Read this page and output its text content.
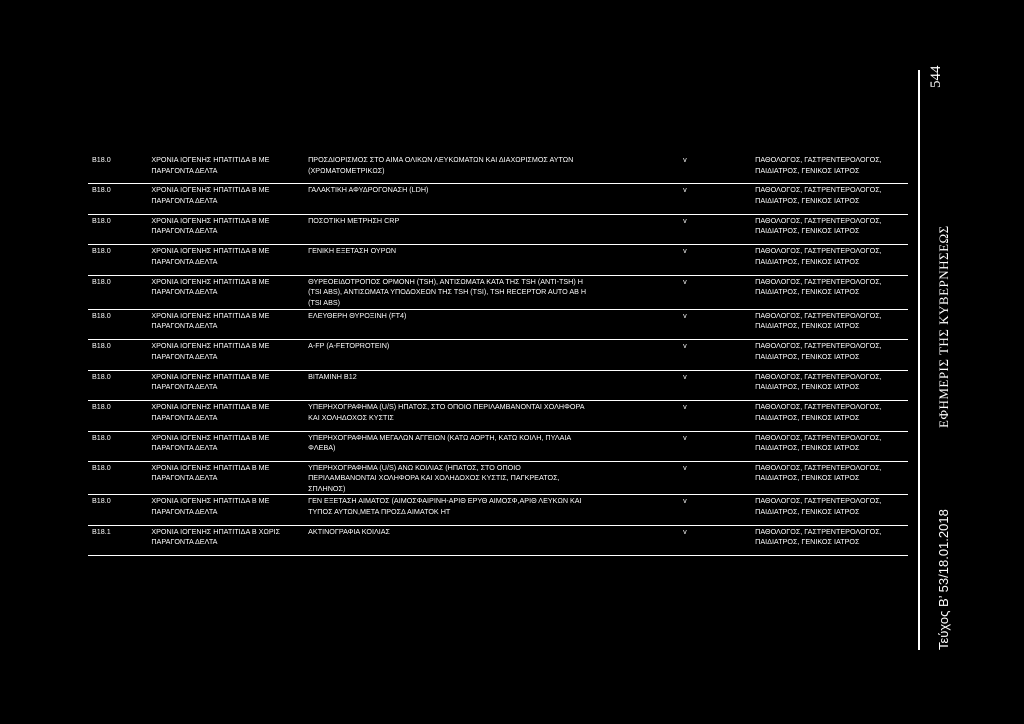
544
ΕΦΗΜΕΡΙΣ ΤΗΣ ΚΥΒΕΡΝΗΣΕΩΣ
Τεύχος Β’ 53/18.01.2018
Β18.0	ΧΡΟΝΙΑ ΙΟΓΕΝΗΣ ΗΠΑΤΙΤΙΔΑ Β ΜΕ ΠΑΡΑΓΟΝΤΑ ΔΕΛΤΑ	ΠΡΟΣΔΙΟΡΙΣΜΟΣ ΣΤΟ ΑΙΜΑ ΟΛΙΚΩΝ ΛΕΥΚΩΜΑΤΩΝ ΚΑΙ ΔΙΑΧΩΡΙΣΜΟΣ ΑΥΤΩΝ (ΧΡΩΜΑΤΟΜΕΤΡΙΚΩΣ)		v	ΠΑΘΟΛΟΓΟΣ, ΓΑΣΤΡΕΝΤΕΡΟΛΟΓΟΣ, ΠΑΙΔΙΑΤΡΟΣ, ΓΕΝΙΚΟΣ ΙΑΤΡΟΣ
Β18.0	ΧΡΟΝΙΑ ΙΟΓΕΝΗΣ ΗΠΑΤΙΤΙΔΑ Β ΜΕ ΠΑΡΑΓΟΝΤΑ ΔΕΛΤΑ	ΓΑΛΑΚΤΙΚΗ ΑΦΥΔΡΟΓΟΝΑΣΗ (LDH)		v	ΠΑΘΟΛΟΓΟΣ, ΓΑΣΤΡΕΝΤΕΡΟΛΟΓΟΣ, ΠΑΙΔΙΑΤΡΟΣ, ΓΕΝΙΚΟΣ ΙΑΤΡΟΣ
Β18.0	ΧΡΟΝΙΑ ΙΟΓΕΝΗΣ ΗΠΑΤΙΤΙΔΑ Β ΜΕ ΠΑΡΑΓΟΝΤΑ ΔΕΛΤΑ	ΠΟΣΟΤΙΚΗ ΜΕΤΡΗΣΗ CRP		v	ΠΑΘΟΛΟΓΟΣ, ΓΑΣΤΡΕΝΤΕΡΟΛΟΓΟΣ, ΠΑΙΔΙΑΤΡΟΣ, ΓΕΝΙΚΟΣ ΙΑΤΡΟΣ
Β18.0	ΧΡΟΝΙΑ ΙΟΓΕΝΗΣ ΗΠΑΤΙΤΙΔΑ Β ΜΕ ΠΑΡΑΓΟΝΤΑ ΔΕΛΤΑ	ΓΕΝΙΚΗ ΕΞΕΤΑΣΗ ΟΥΡΩΝ		v	ΠΑΘΟΛΟΓΟΣ, ΓΑΣΤΡΕΝΤΕΡΟΛΟΓΟΣ, ΠΑΙΔΙΑΤΡΟΣ, ΓΕΝΙΚΟΣ ΙΑΤΡΟΣ
Β18.0	ΧΡΟΝΙΑ ΙΟΓΕΝΗΣ ΗΠΑΤΙΤΙΔΑ Β ΜΕ ΠΑΡΑΓΟΝΤΑ ΔΕΛΤΑ	ΘΥΡΕΟΕΙΔΟΤΡΟΠΟΣ ΟΡΜΟΝΗ (TSH), ΑΝΤΙΣΩΜΑΤΑ ΚΑΤΑ ΤΗΣ TSH (ANTI-TSH) Η (TSI ABS), ΑΝΤΙΣΩΜΑΤΑ ΥΠΟΔΟΧΕΩΝ ΤΗΣ TSH (TSI), TSH RECEPTOR AUTO AB H (TSI ABS)		v	ΠΑΘΟΛΟΓΟΣ, ΓΑΣΤΡΕΝΤΕΡΟΛΟΓΟΣ, ΠΑΙΔΙΑΤΡΟΣ, ΓΕΝΙΚΟΣ ΙΑΤΡΟΣ
Β18.0	ΧΡΟΝΙΑ ΙΟΓΕΝΗΣ ΗΠΑΤΙΤΙΔΑ Β ΜΕ ΠΑΡΑΓΟΝΤΑ ΔΕΛΤΑ	ΕΛΕΥΘΕΡΗ ΘΥΡΟΞΙΝΗ (FT4)		v	ΠΑΘΟΛΟΓΟΣ, ΓΑΣΤΡΕΝΤΕΡΟΛΟΓΟΣ, ΠΑΙΔΙΑΤΡΟΣ, ΓΕΝΙΚΟΣ ΙΑΤΡΟΣ
Β18.0	ΧΡΟΝΙΑ ΙΟΓΕΝΗΣ ΗΠΑΤΙΤΙΔΑ Β ΜΕ ΠΑΡΑΓΟΝΤΑ ΔΕΛΤΑ	A-FP (A-FETOPROTEIN)		v	ΠΑΘΟΛΟΓΟΣ, ΓΑΣΤΡΕΝΤΕΡΟΛΟΓΟΣ, ΠΑΙΔΙΑΤΡΟΣ, ΓΕΝΙΚΟΣ ΙΑΤΡΟΣ
Β18.0	ΧΡΟΝΙΑ ΙΟΓΕΝΗΣ ΗΠΑΤΙΤΙΔΑ Β ΜΕ ΠΑΡΑΓΟΝΤΑ ΔΕΛΤΑ	ΒΙΤΑΜΙΝΗ Β12		v	ΠΑΘΟΛΟΓΟΣ, ΓΑΣΤΡΕΝΤΕΡΟΛΟΓΟΣ, ΠΑΙΔΙΑΤΡΟΣ, ΓΕΝΙΚΟΣ ΙΑΤΡΟΣ
Β18.0	ΧΡΟΝΙΑ ΙΟΓΕΝΗΣ ΗΠΑΤΙΤΙΔΑ Β ΜΕ ΠΑΡΑΓΟΝΤΑ ΔΕΛΤΑ	ΥΠΕΡΗΧΟΓΡΑΦΗΜΑ (U/S) ΗΠΑΤΟΣ, ΣΤΟ ΟΠΟΙΟ ΠΕΡΙΛΑΜΒΑΝΟΝΤΑΙ ΧΟΛΗΦΟΡΑ ΚΑΙ ΧΟΛΗΔΟΧΟΣ ΚΥΣΤΙΣ		v	ΠΑΘΟΛΟΓΟΣ, ΓΑΣΤΡΕΝΤΕΡΟΛΟΓΟΣ, ΠΑΙΔΙΑΤΡΟΣ, ΓΕΝΙΚΟΣ ΙΑΤΡΟΣ
Β18.0	ΧΡΟΝΙΑ ΙΟΓΕΝΗΣ ΗΠΑΤΙΤΙΔΑ Β ΜΕ ΠΑΡΑΓΟΝΤΑ ΔΕΛΤΑ	ΥΠΕΡΗΧΟΓΡΑΦΗΜΑ ΜΕΓΑΛΩΝ ΑΓΓΕΙΩΝ (ΚΑΤΩ ΑΟΡΤΗ, ΚΑΤΩ ΚΟΙΛΗ, ΠΥΛΑΙΑ ΦΛΕΒΑ)		v	ΠΑΘΟΛΟΓΟΣ, ΓΑΣΤΡΕΝΤΕΡΟΛΟΓΟΣ, ΠΑΙΔΙΑΤΡΟΣ, ΓΕΝΙΚΟΣ ΙΑΤΡΟΣ
Β18.0	ΧΡΟΝΙΑ ΙΟΓΕΝΗΣ ΗΠΑΤΙΤΙΔΑ Β ΜΕ ΠΑΡΑΓΟΝΤΑ ΔΕΛΤΑ	ΥΠΕΡΗΧΟΓΡΑΦΗΜΑ (U/S) ΑΝΩ ΚΟΙΛΙΑΣ (ΗΠΑΤΟΣ, ΣΤΟ ΟΠΟΙΟ ΠΕΡΙΛΑΜΒΑΝΟΝΤΑΙ ΧΟΛΗΦΟΡΑ ΚΑΙ ΧΟΛΗΔΟΧΟΣ ΚΥΣΤΙΣ, ΠΑΓΚΡΕΑΤΟΣ, ΣΠΛΗΝΟΣ)		v	ΠΑΘΟΛΟΓΟΣ, ΓΑΣΤΡΕΝΤΕΡΟΛΟΓΟΣ, ΠΑΙΔΙΑΤΡΟΣ, ΓΕΝΙΚΟΣ ΙΑΤΡΟΣ
Β18.0	ΧΡΟΝΙΑ ΙΟΓΕΝΗΣ ΗΠΑΤΙΤΙΔΑ Β ΜΕ ΠΑΡΑΓΟΝΤΑ ΔΕΛΤΑ	ΓΕΝ ΕΞΕΤΑΣΗ ΑΙΜΑΤΟΣ (ΑΙΜΟΣΦΑΙΡΙΝΗ-ΑΡΙΘ ΕΡΥΘ ΑΙΜΟΣΦ,ΑΡΙΘ ΛΕΥΚΩΝ ΚΑΙ ΤΥΠΟΣ ΑΥΤΩΝ,ΜΕΤΑ ΠΡΟΣΔ ΑΙΜΑΤΟΚ ΗΤ		v	ΠΑΘΟΛΟΓΟΣ, ΓΑΣΤΡΕΝΤΕΡΟΛΟΓΟΣ, ΠΑΙΔΙΑΤΡΟΣ, ΓΕΝΙΚΟΣ ΙΑΤΡΟΣ
Β18.1	ΧΡΟΝΙΑ ΙΟΓΕΝΗΣ ΗΠΑΤΙΤΙΔΑ Β ΧΩΡΙΣ ΠΑΡΑΓΟΝΤΑ ΔΕΛΤΑ	ΑΚΤΙΝΟΓΡΑΦΙΑ ΚΟΙΛΙΑΣ		v	ΠΑΘΟΛΟΓΟΣ, ΓΑΣΤΡΕΝΤΕΡΟΛΟΓΟΣ, ΠΑΙΔΙΑΤΡΟΣ, ΓΕΝΙΚΟΣ ΙΑΤΡΟΣ
